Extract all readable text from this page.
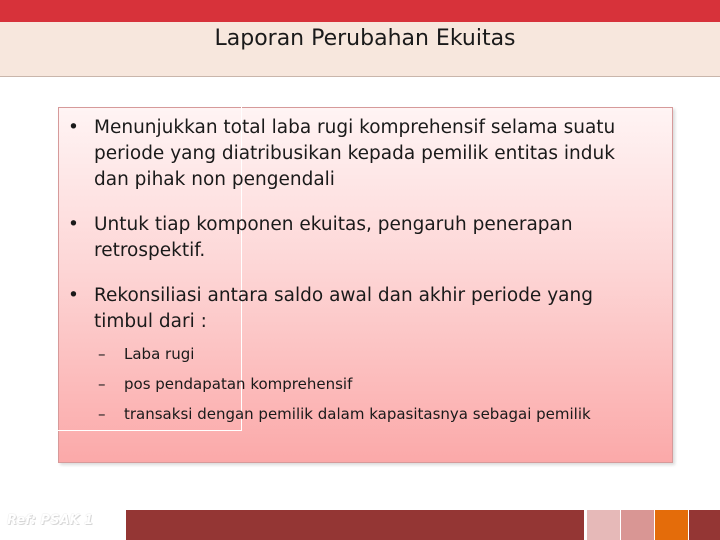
Laporan Perubahan Ekuitas
• Menunjukkan total laba rugi komprehensif selama suatu periode yang diatribusikan kepada pemilik entitas induk dan pihak non pengendali
• Untuk tiap komponen ekuitas, pengaruh penerapan retrospektif.
• Rekonsiliasi antara saldo awal dan akhir periode yang timbul dari :
– Laba rugi
– pos pendapatan komprehensif
– transaksi dengan pemilik dalam kapasitasnya sebagai pemilik
Ref: PSAK 1
